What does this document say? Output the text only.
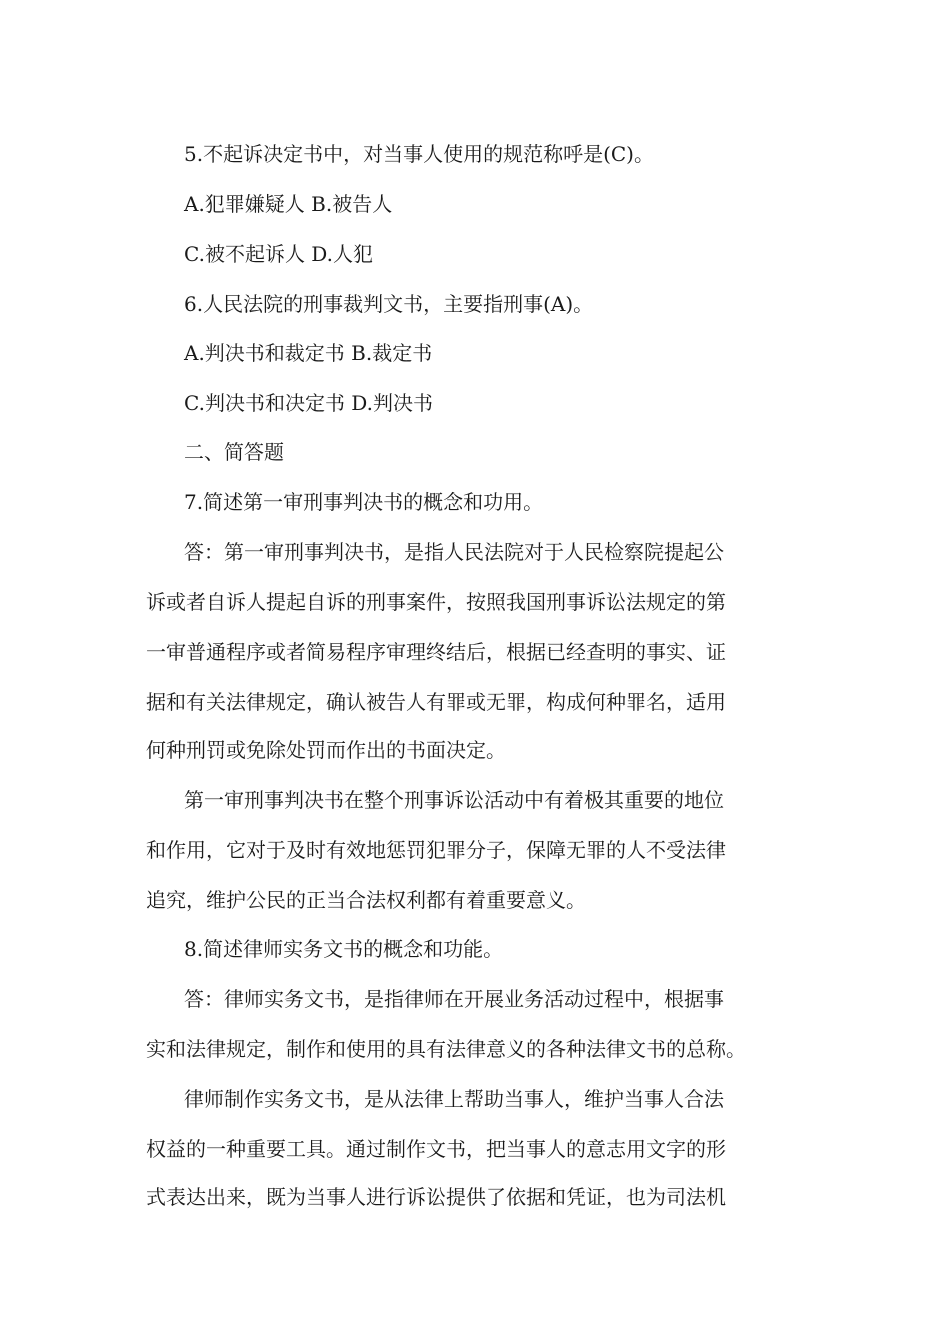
5.不起诉决定书中，对当事人使用的规范称呼是(C)。

A.犯罪嫌疑人 B.被告人

C.被不起诉人 D.人犯

6.人民法院的刑事裁判文书，主要指刑事(A)。

A.判决书和裁定书 B.裁定书

C.判决书和决定书 D.判决书

二、简答题

7.简述第一审刑事判决书的概念和功用。

答：第一审刑事判决书，是指人民法院对于人民检察院提起公

诉或者自诉人提起自诉的刑事案件，按照我国刑事诉讼法规定的第

一审普通程序或者简易程序审理终结后，根据已经查明的事实、证

据和有关法律规定，确认被告人有罪或无罪，构成何种罪名，适用

何种刑罚或免除处罚而作出的书面决定。

第一审刑事判决书在整个刑事诉讼活动中有着极其重要的地位

和作用，它对于及时有效地惩罚犯罪分子，保障无罪的人不受法律

追究，维护公民的正当合法权利都有着重要意义。

8.简述律师实务文书的概念和功能。

答：律师实务文书，是指律师在开展业务活动过程中，根据事

实和法律规定，制作和使用的具有法律意义的各种法律文书的总称。

律师制作实务文书，是从法律上帮助当事人，维护当事人合法

权益的一种重要工具。通过制作文书，把当事人的意志用文字的形

式表达出来，既为当事人进行诉讼提供了依据和凭证，也为司法机
